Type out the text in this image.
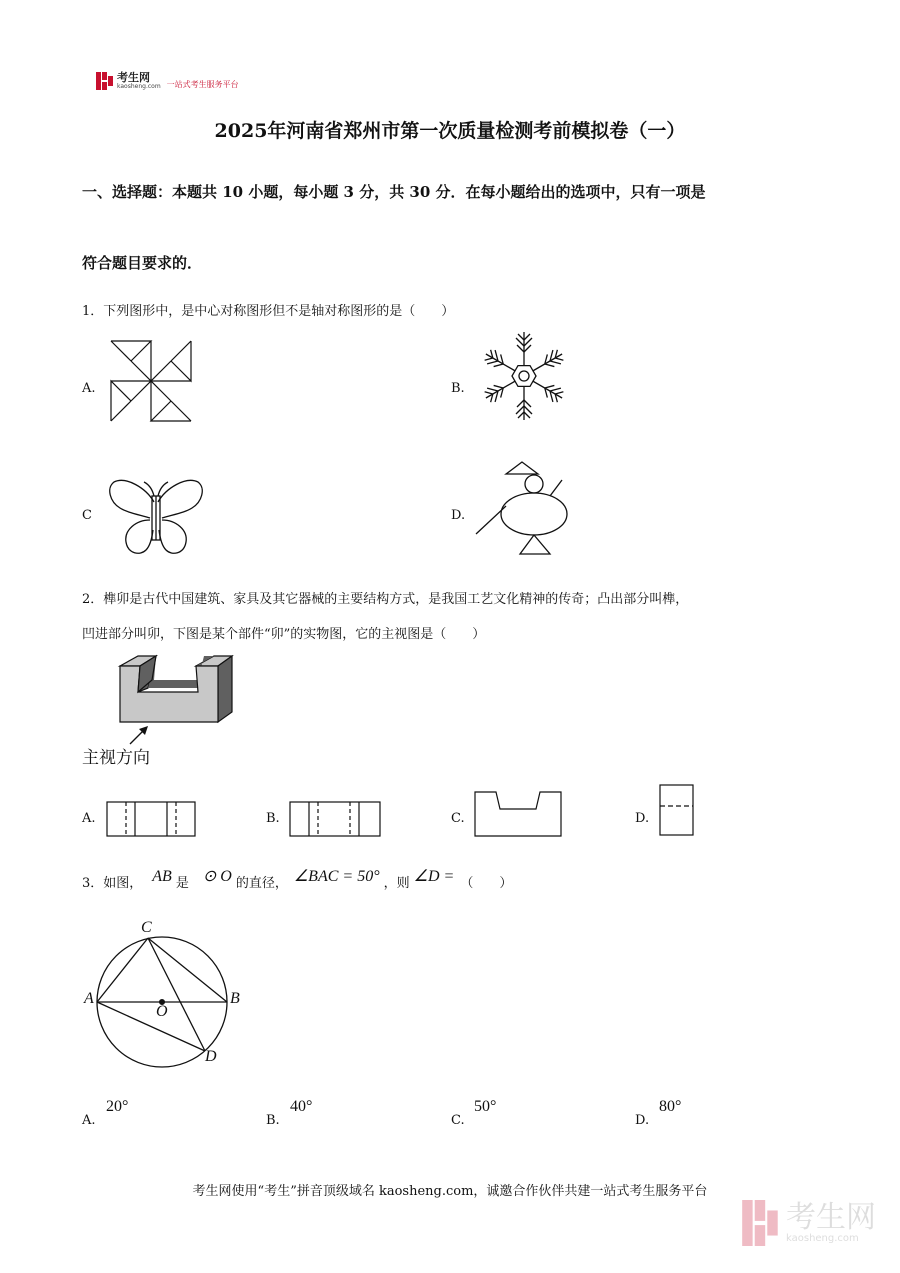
考生网
kaosheng.com 一站式考生服务平台
2025年河南省郑州市第一次质量检测考前模拟卷（一）
一、选择题：本题共 10 小题，每小题 3 分，共 30 分．在每小题给出的选项中，只有一项是
符合题目要求的．
1．下列图形中，是中心对称图形但不是轴对称图形的是（　　）
A.	B.
C	D.
2．榫卯是古代中国建筑、家具及其它器械的主要结构方式，是我国工艺文化精神的传奇；凸出部分叫榫，
凹进部分叫卯，下图是某个部件“卯”的实物图，它的主视图是（　　）
主视方向
A.	B.	C.	D.
3．如图， AB 是 ⊙ O 的直径， ∠BAC = 50° ，则 ∠D = （　　）
C
A	B
O
D
A.
20°
B.
40°
C.
50°
D.
80°
考生网使用“考生”拼音顶级域名 kaosheng.com，诚邀合作伙伴共建一站式考生服务平台
考生网
kaosheng.com
